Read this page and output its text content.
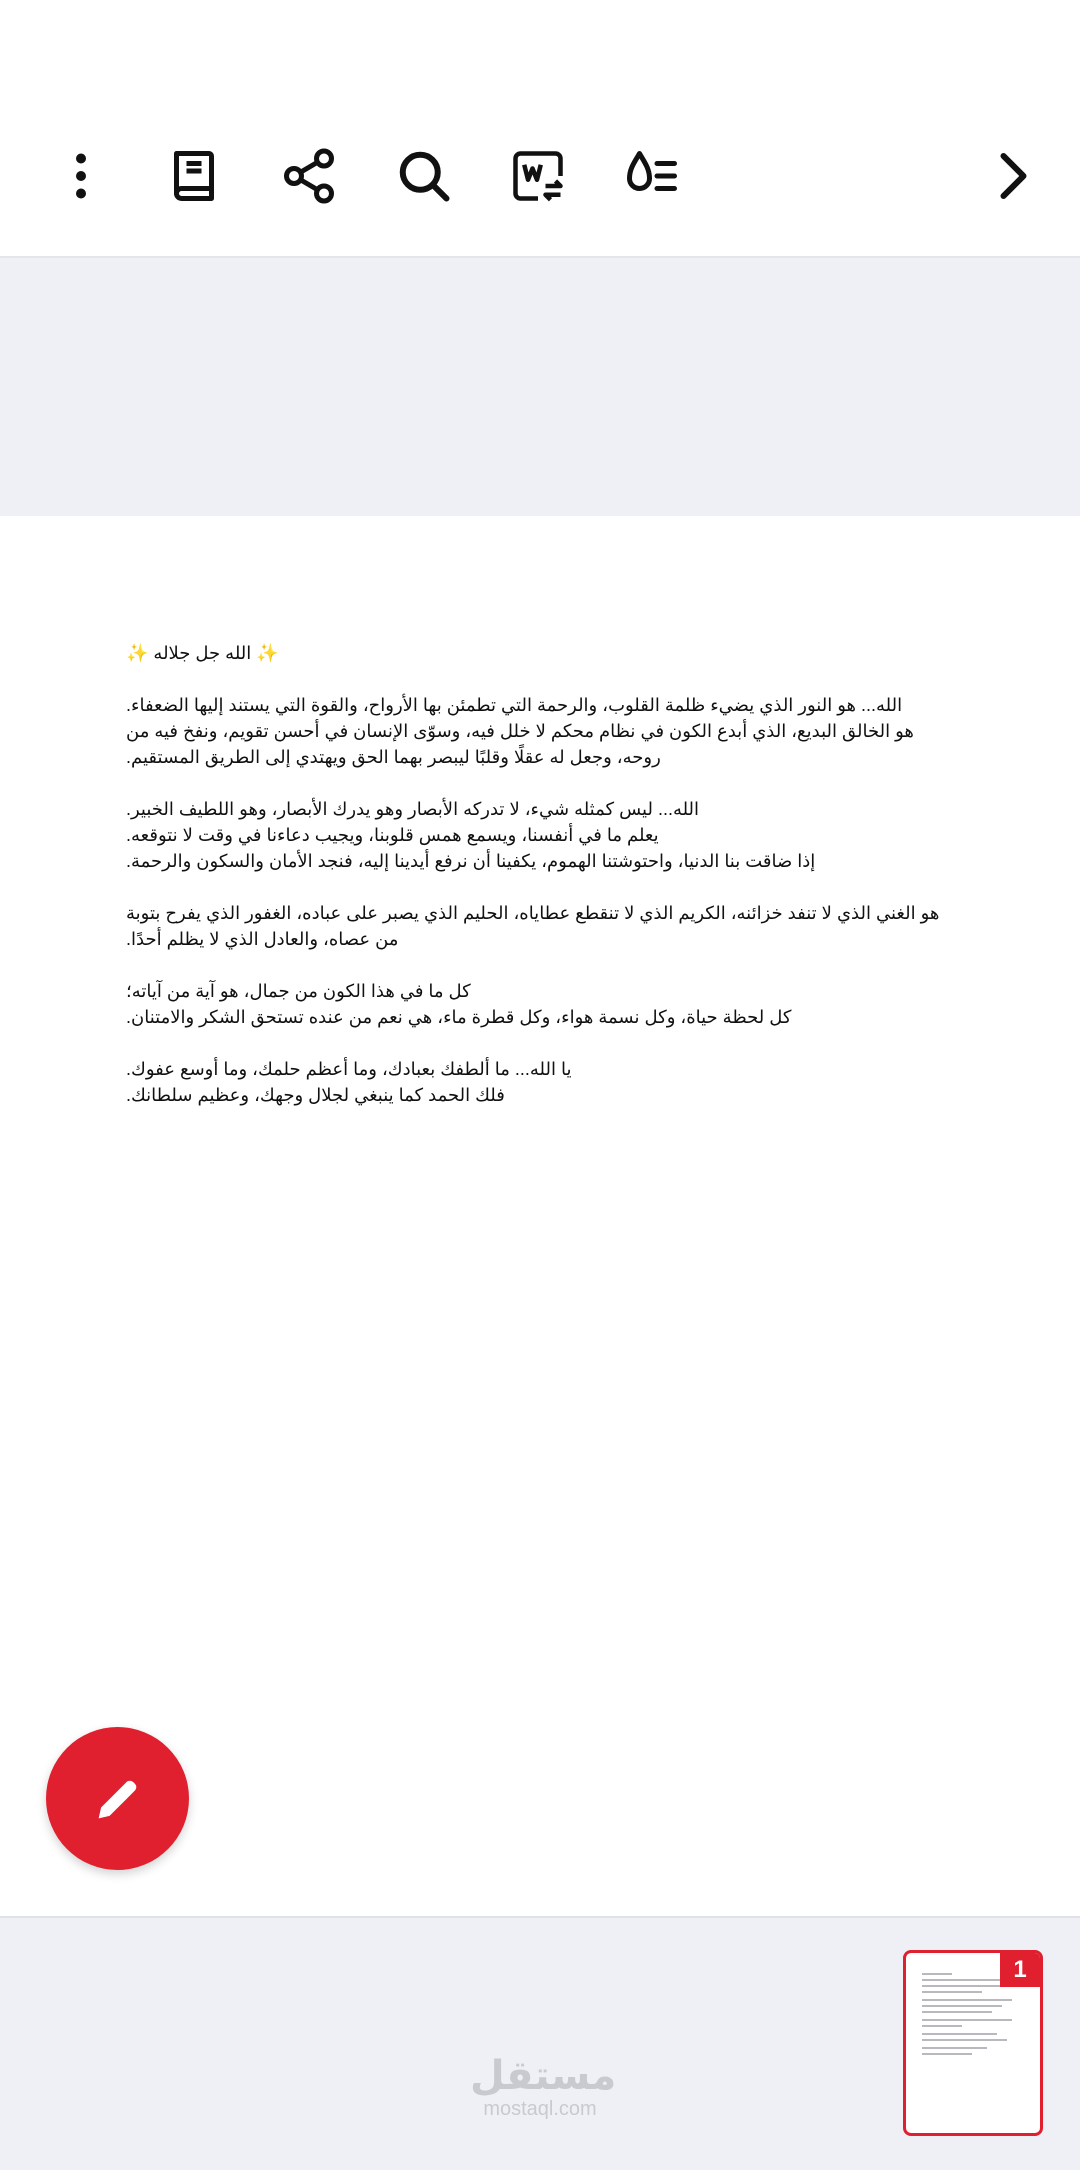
✨ الله جل جلاله ✨

الله... هو النور الذي يضيء ظلمة القلوب، والرحمة التي تطمئن بها الأرواح، والقوة التي يستند إليها الضعفاء.
هو الخالق البديع، الذي أبدع الكون في نظام محكم لا خلل فيه، وسوّى الإنسان في أحسن تقويم، ونفخ فيه من روحه، وجعل له عقلًا وقلبًا ليبصر بهما الحق ويهتدي إلى الطريق المستقيم.

الله... ليس كمثله شيء، لا تدركه الأبصار وهو يدرك الأبصار، وهو اللطيف الخبير.
يعلم ما في أنفسنا، ويسمع همس قلوبنا، ويجيب دعاءنا في وقت لا نتوقعه.
إذا ضاقت بنا الدنيا، واحتوشتنا الهموم، يكفينا أن نرفع أيدينا إليه، فنجد الأمان والسكون والرحمة.

هو الغني الذي لا تنفد خزائنه، الكريم الذي لا تنقطع عطاياه، الحليم الذي يصبر على عباده، الغفور الذي يفرح بتوبة من عصاه، والعادل الذي لا يظلم أحدًا.

كل ما في هذا الكون من جمال، هو آية من آياته؛
كل لحظة حياة، وكل نسمة هواء، وكل قطرة ماء، هي نعم من عنده تستحق الشكر والامتنان.

يا الله... ما ألطفك بعبادك، وما أعظم حلمك، وما أوسع عفوك.
فلك الحمد كما ينبغي لجلال وجهك، وعظيم سلطانك.

مستقل
mostaql.com
1
